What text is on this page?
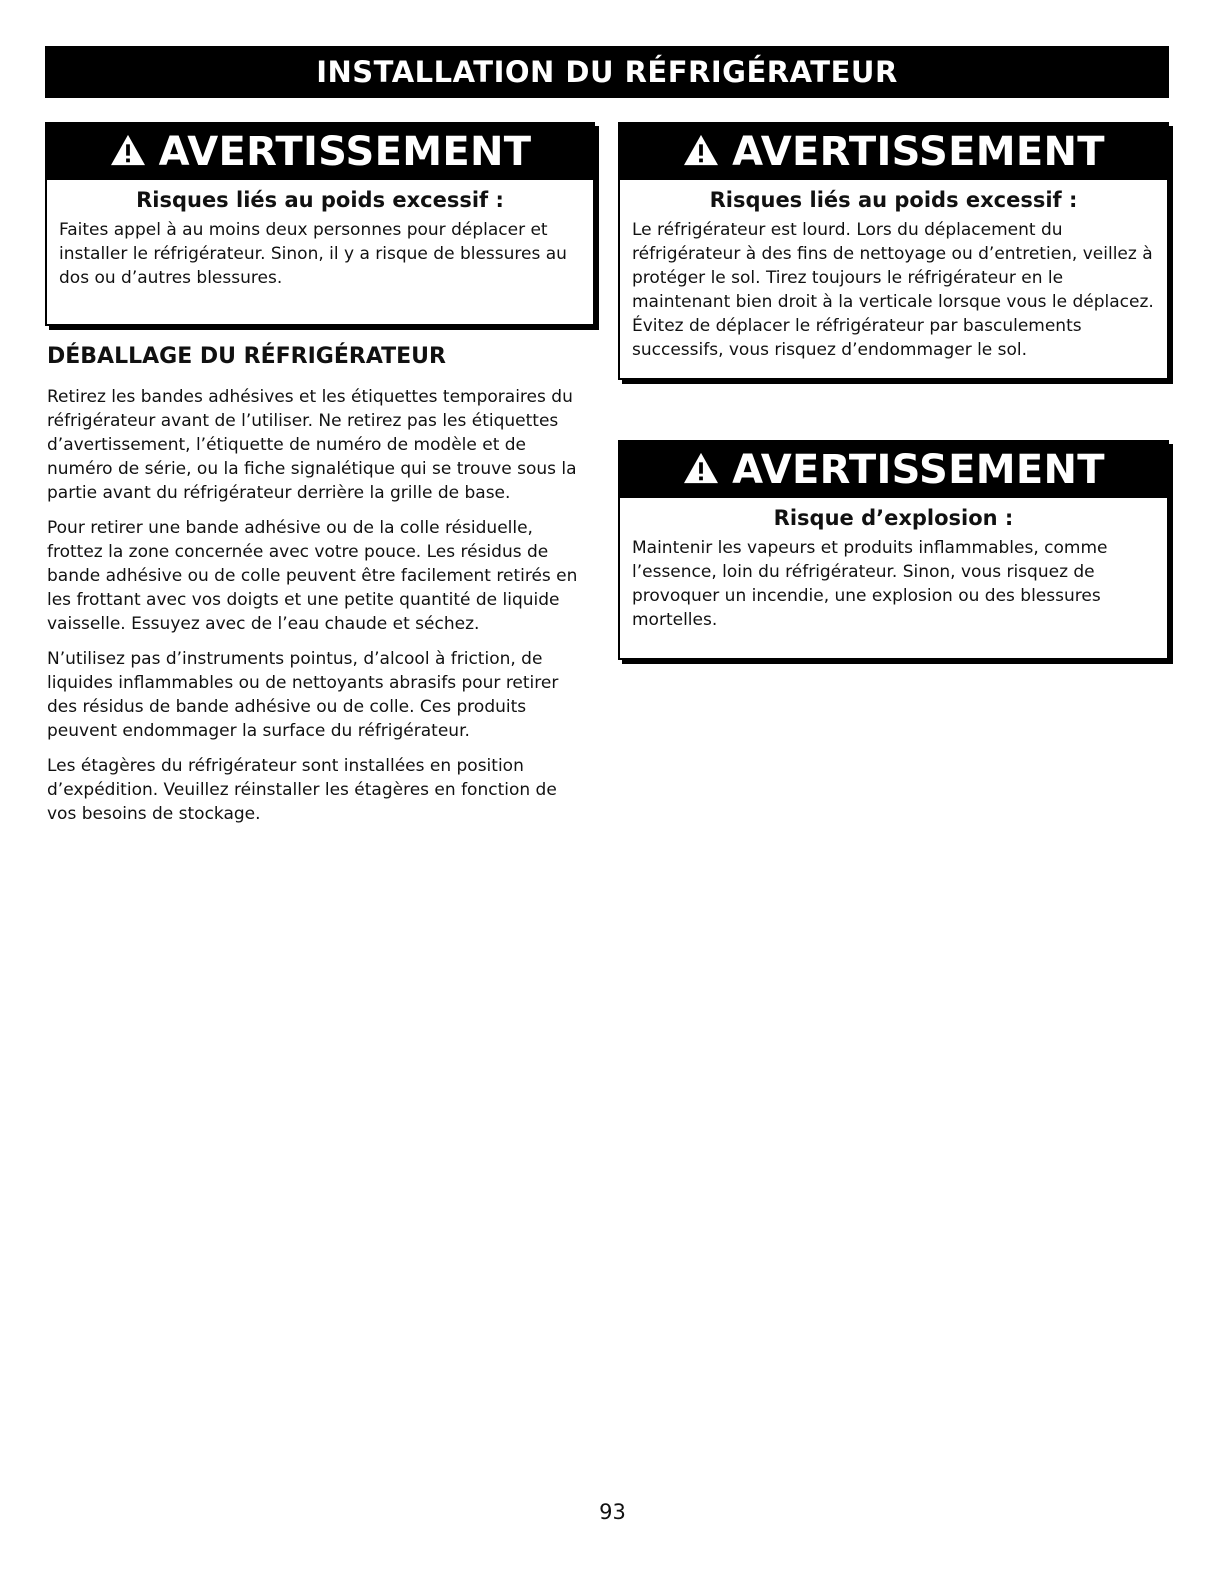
INSTALLATION DU RÉFRIGÉRATEUR
AVERTISSEMENT
Risques liés au poids excessif :

Faites appel à au moins deux personnes pour déplacer et installer le réfrigérateur. Sinon, il y a risque de blessures au dos ou d’autres blessures.

AVERTISSEMENT
Risques liés au poids excessif :

Le réfrigérateur est lourd. Lors du déplacement du réfrigérateur à des fins de nettoyage ou d’entretien, veillez à protéger le sol. Tirez toujours le réfrigérateur en le maintenant bien droit à la verticale lorsque vous le déplacez. Évitez de déplacer le réfrigérateur par basculements successifs, vous risquez d’endommager le sol.

AVERTISSEMENT
Risque d’explosion :

Maintenir les vapeurs et produits inflammables, comme l’essence, loin du réfrigérateur. Sinon, vous risquez de provoquer un incendie, une explosion ou des blessures mortelles.

DÉBALLAGE DU RÉFRIGÉRATEUR

Retirez les bandes adhésives et les étiquettes temporaires du réfrigérateur avant de l’utiliser. Ne retirez pas les étiquettes d’avertissement, l’étiquette de numéro de modèle et de numéro de série, ou la fiche signalétique qui se trouve sous la partie avant du réfrigérateur derrière la grille de base.

Pour retirer une bande adhésive ou de la colle résiduelle, frottez la zone concernée avec votre pouce. Les résidus de bande adhésive ou de colle peuvent être facilement retirés en les frottant avec vos doigts et une petite quantité de liquide vaisselle. Essuyez avec de l’eau chaude et séchez.

N’utilisez pas d’instruments pointus, d’alcool à friction, de liquides inflammables ou de nettoyants abrasifs pour retirer des résidus de bande adhésive ou de colle. Ces produits peuvent endommager la surface du réfrigérateur.

Les étagères du réfrigérateur sont installées en position d’expédition. Veuillez réinstaller les étagères en fonction de vos besoins de stockage.

93
